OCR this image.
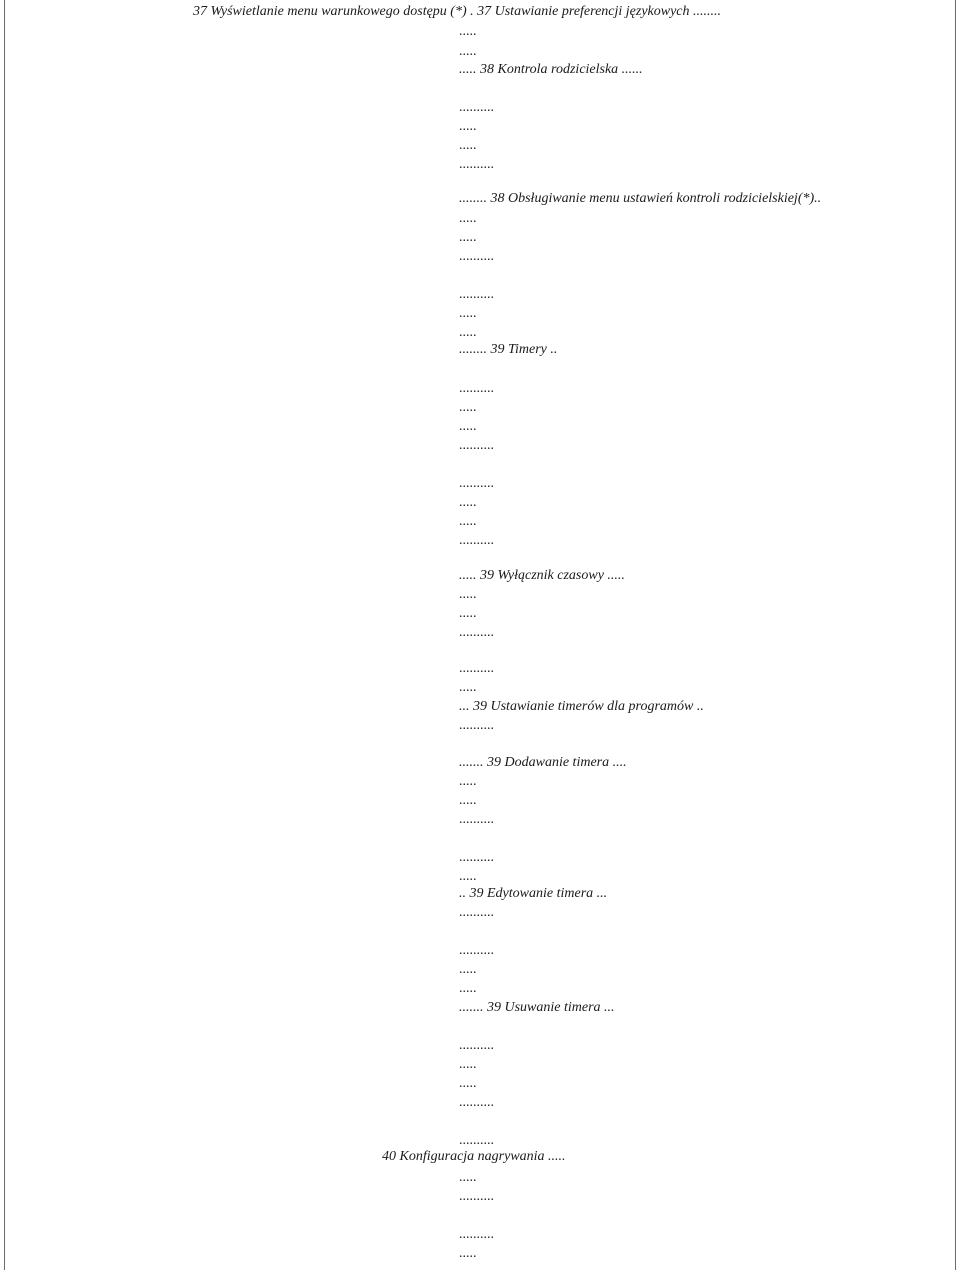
37 Wyświetlanie menu warunkowego dostępu (*) . 37 Ustawianie preferencji językowych ........
.....
.....
..... 38 Kontrola rodzicielska ......
..........
.....
.....
..........
........ 38 Obsługiwanie menu ustawień kontroli rodzicielskiej(*)..
.....
.....
..........
..........
.....
.....
........ 39 Timery ..
..........
.....
.....
..........
..........
.....
.....
..........
..... 39 Wyłącznik czasowy .....
.....
.....
..........
..........
.....
... 39 Ustawianie timerów dla programów ..
..........
....... 39 Dodawanie timera ....
.....
.....
..........
..........
.....
.. 39 Edytowanie timera ...
..........
..........
.....
.....
....... 39 Usuwanie timera ...
..........
.....
.....
..........
..........
40 Konfiguracja nagrywania .....
.....
..........
..........
.....
